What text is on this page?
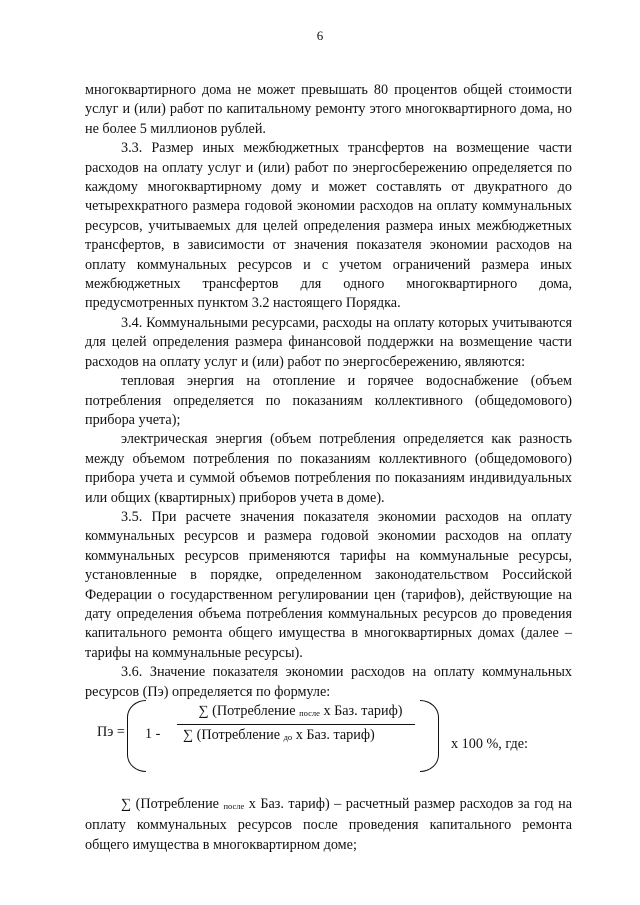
6

многоквартирного дома не может превышать 80 процентов общей стоимости услуг и (или) работ по капитальному ремонту этого многоквартирного дома, но не более 5 миллионов рублей.

3.3. Размер иных межбюджетных трансфертов на возмещение части расходов на оплату услуг и (или) работ по энергосбережению определяется по каждому многоквартирному дому и может составлять от двукратного до четырехкратного размера годовой экономии расходов на оплату коммунальных ресурсов, учитываемых для целей определения размера иных межбюджетных трансфертов, в зависимости от значения показателя экономии расходов на оплату коммунальных ресурсов и с учетом ограничений размера иных межбюджетных трансфертов для одного многоквартирного дома, предусмотренных пунктом 3.2 настоящего Порядка.

3.4. Коммунальными ресурсами, расходы на оплату которых учитываются для целей определения размера финансовой поддержки на возмещение части расходов на оплату услуг и (или) работ по энергосбережению, являются:

тепловая энергия на отопление и горячее водоснабжение (объем потребления определяется по показаниям коллективного (общедомового) прибора учета);

электрическая энергия (объем потребления определяется как разность между объемом потребления по показаниям коллективного (общедомового) прибора учета и суммой объемов потребления по показаниям индивидуальных или общих (квартирных) приборов учета в доме).

3.5. При расчете значения показателя экономии расходов на оплату коммунальных ресурсов и размера годовой экономии расходов на оплату коммунальных ресурсов применяются тарифы на коммунальные ресурсы, установленные в порядке, определенном законодательством Российской Федерации о государственном регулировании цен (тарифов), действующие на дату определения объема потребления коммунальных ресурсов до проведения капитального ремонта общего имущества в многоквартирных домах (далее – тарифы на коммунальные ресурсы).

3.6. Значение показателя экономии расходов на оплату коммунальных ресурсов (Пэ) определяется по формуле:

Пэ = 1 -
∑ (Потребление после х Баз. тариф)
∑ (Потребление до х Баз. тариф)
х 100 %, где:

∑ (Потребление после х Баз. тариф) – расчетный размер расходов за год на оплату коммунальных ресурсов после проведения капитального ремонта общего имущества в многоквартирном доме;
